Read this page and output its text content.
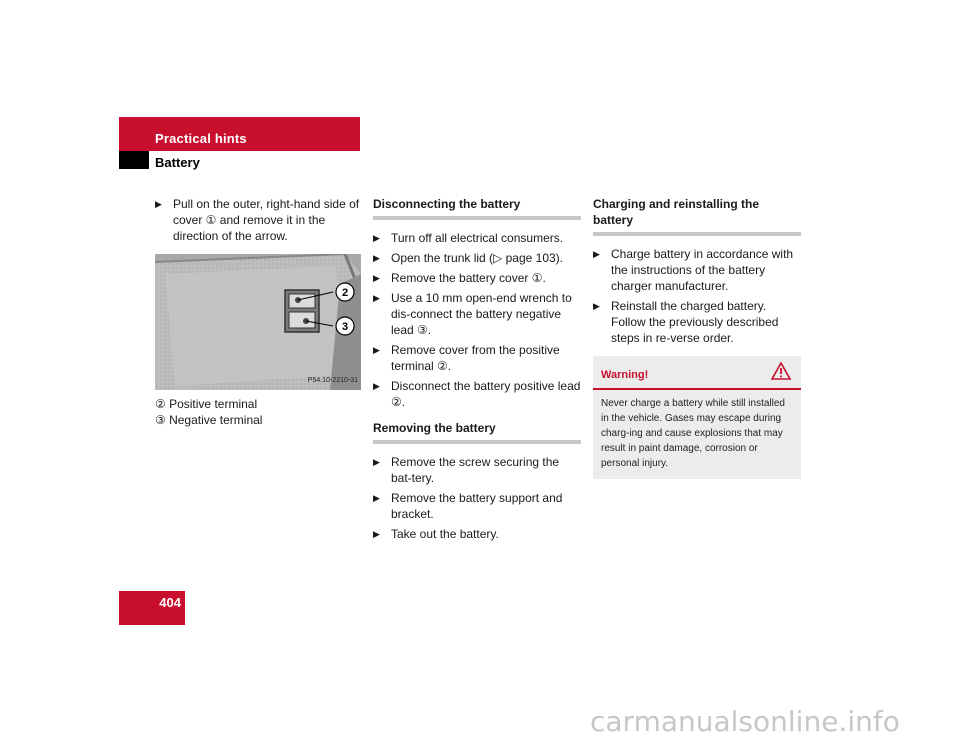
Practical hints
Battery
▶ Pull on the outer, right-hand side of cover ① and remove it in the direction of the arrow.
2
3
P54.10-2210-31
② Positive terminal
③ Negative terminal
Disconnecting the battery
▶ Turn off all electrical consumers.
▶ Open the trunk lid (▷ page 103).
▶ Remove the battery cover ①.
▶ Use a 10 mm open-end wrench to dis-connect the battery negative lead ③.
▶ Remove cover from the positive terminal ②.
▶ Disconnect the battery positive lead ②.
Removing the battery
▶ Remove the screw securing the bat-tery.
▶ Remove the battery support and bracket.
▶ Take out the battery.
Charging and reinstalling the battery
▶ Charge battery in accordance with the instructions of the battery charger manufacturer.
▶ Reinstall the charged battery. Follow the previously described steps in re-verse order.
Warning!
Never charge a battery while still installed in the vehicle. Gases may escape during charg-ing and cause explosions that may result in paint damage, corrosion or personal injury.
404
carmanualsonline.info
